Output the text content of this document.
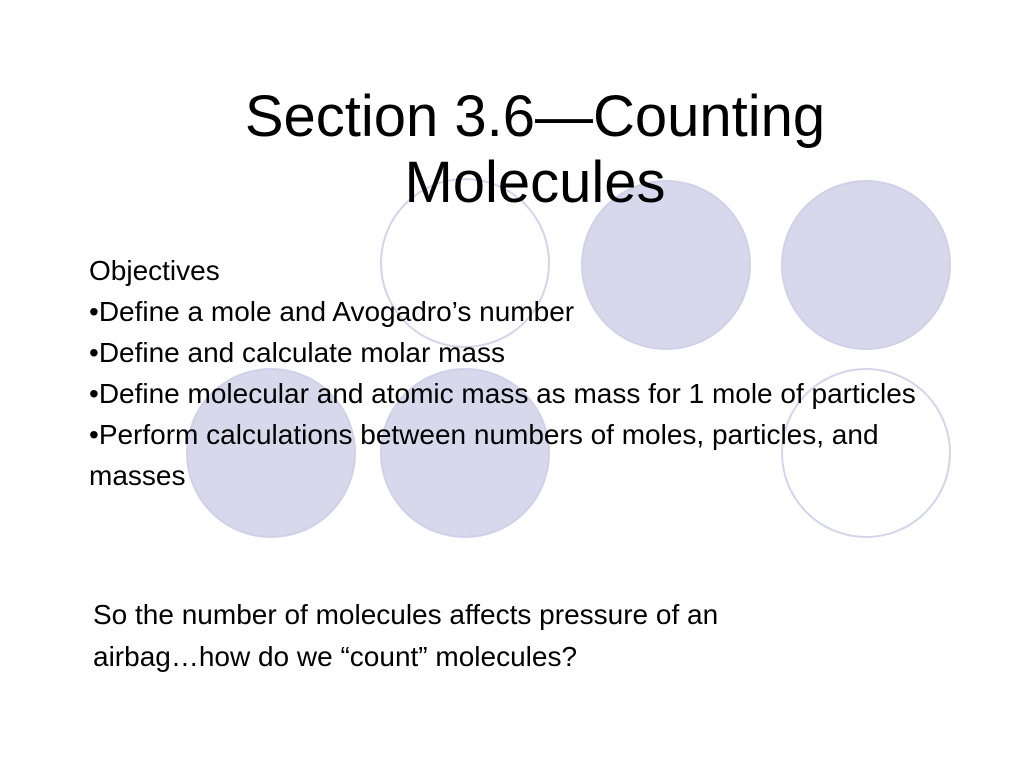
Section 3.6—Counting
Molecules
Objectives
• Define a mole and Avogadro’s number
• Define and calculate molar mass
• Define molecular and atomic mass as mass for 1 mole of particles
• Perform calculations between numbers of moles, particles, and masses
So the number of molecules affects pressure of an
airbag…how do we “count” molecules?
